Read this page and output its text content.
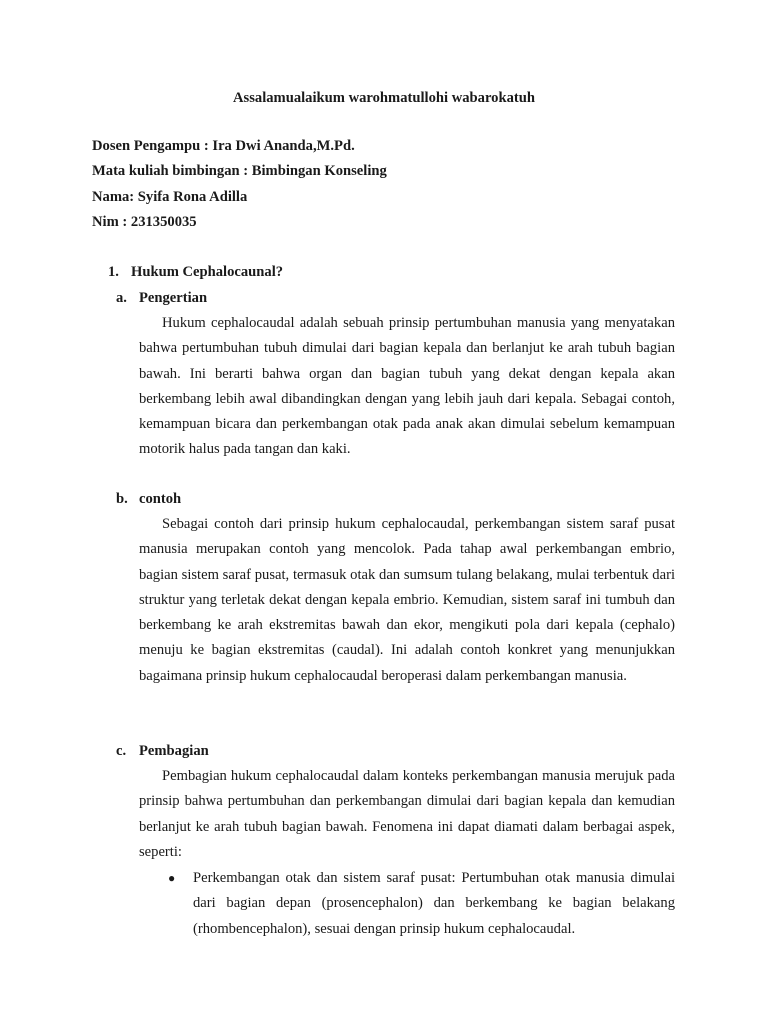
Assalamualaikum warohmatullohi wabarokatuh
Dosen Pengampu : Ira Dwi Ananda,M.Pd.
Mata kuliah bimbingan : Bimbingan Konseling
Nama: Syifa Rona Adilla
Nim : 231350035
1. Hukum Cephalocaunal?
a. Pengertian

Hukum cephalocaudal adalah sebuah prinsip pertumbuhan manusia yang menyatakan bahwa pertumbuhan tubuh dimulai dari bagian kepala dan berlanjut ke arah tubuh bagian bawah. Ini berarti bahwa organ dan bagian tubuh yang dekat dengan kepala akan berkembang lebih awal dibandingkan dengan yang lebih jauh dari kepala. Sebagai contoh, kemampuan bicara dan perkembangan otak pada anak akan dimulai sebelum kemampuan motorik halus pada tangan dan kaki.

b. contoh

Sebagai contoh dari prinsip hukum cephalocaudal, perkembangan sistem saraf pusat manusia merupakan contoh yang mencolok. Pada tahap awal perkembangan embrio, bagian sistem saraf pusat, termasuk otak dan sumsum tulang belakang, mulai terbentuk dari struktur yang terletak dekat dengan kepala embrio. Kemudian, sistem saraf ini tumbuh dan berkembang ke arah ekstremitas bawah dan ekor, mengikuti pola dari kepala (cephalo) menuju ke bagian ekstremitas (caudal). Ini adalah contoh konkret yang menunjukkan bagaimana prinsip hukum cephalocaudal beroperasi dalam perkembangan manusia.

c. Pembagian

Pembagian hukum cephalocaudal dalam konteks perkembangan manusia merujuk pada prinsip bahwa pertumbuhan dan perkembangan dimulai dari bagian kepala dan kemudian berlanjut ke arah tubuh bagian bawah. Fenomena ini dapat diamati dalam berbagai aspek, seperti:

● Perkembangan otak dan sistem saraf pusat: Pertumbuhan otak manusia dimulai dari bagian depan (prosencephalon) dan berkembang ke bagian belakang (rhombencephalon), sesuai dengan prinsip hukum cephalocaudal.
